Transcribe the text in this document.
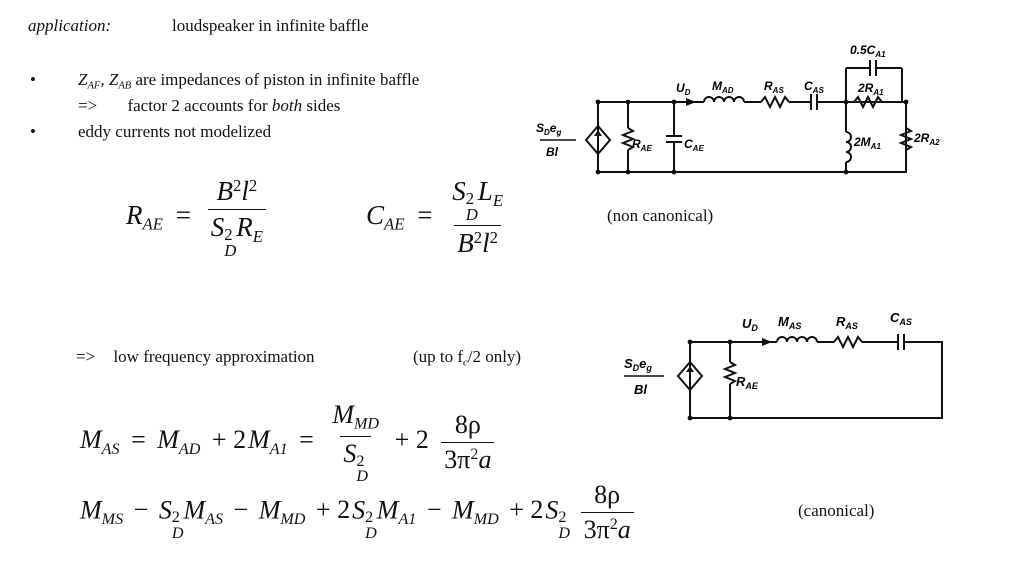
application:	loudspeaker in infinite baffle
• $Z_{AF}$, $Z_{AB}$ are impedances of piston in infinite baffle
=> factor 2 accounts for both sides
• eddy currents not modelized
$R_{AE} = B^2l^2$
S 2
D
$R_E$	$C_{AE} = S$ 2
D
$L_E$
$B^2l^2$	(non canonical)
=> low frequency approximation	(up to $f_c/2$ only)
$M_{AS} = M_{AD} + 2M_{A1} = M_{MD}$
S 2
$D + 2 \frac{8\rho}{3\pi^2a}$
$M_{MS} - S$ 2
D
$M_{AS} - M_{MD} + 2S$ 2
D
$M_{A1} - M_{MD} + 2S$ 2
D
$\frac{8\rho}{3\pi^2a}$	(canonical)
$S_De_g$
Bl
$R_{AE}$	$C_{AE}$
$U_D$ $M_{AD}$	$R_{AS}$ $C_{AS}$
$0.5C_{A1}$
$2R_{A1}$
$2M_{A1}$
$2R_{A2}$
$S_De_g$
Bl
$R_{AE}$
$U_D$ $M_{AS}$	$R_{AS}$
$C_{AS}$
